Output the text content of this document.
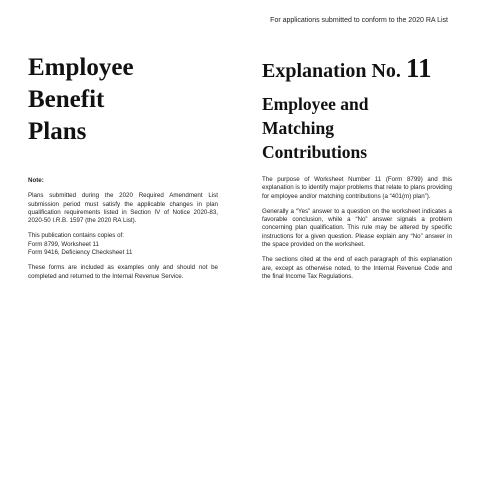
For applications submitted to conform to the 2020 RA List
Employee
Benefit
Plans
Explanation No. 11
Employee and
Matching
Contributions

Note:

Plans submitted during the 2020 Required Amendment List submission period must satisfy the applicable changes in plan qualification requirements listed in Section IV of Notice 2020-83, 2020-50 I.R.B. 1597 (the 2020 RA List).

This publication contains copies of:
Form 8799, Worksheet 11
Form 9416, Deficiency Checksheet 11

These forms are included as examples only and should not be completed and returned to the Internal Revenue Service.

The purpose of Worksheet Number 11 (Form 8799) and this explanation is to identify major problems that relate to plans providing for employee and/or matching contributions (a “401(m) plan”).

Generally a “Yes” answer to a question on the worksheet indicates a favorable conclusion, while a “No” answer signals a problem concerning plan qualification. This rule may be altered by specific instructions for a given question. Please explain any “No” answer in the space provided on the worksheet.

The sections cited at the end of each paragraph of this explanation are, except as otherwise noted, to the Internal Revenue Code and the final Income Tax Regulations.
